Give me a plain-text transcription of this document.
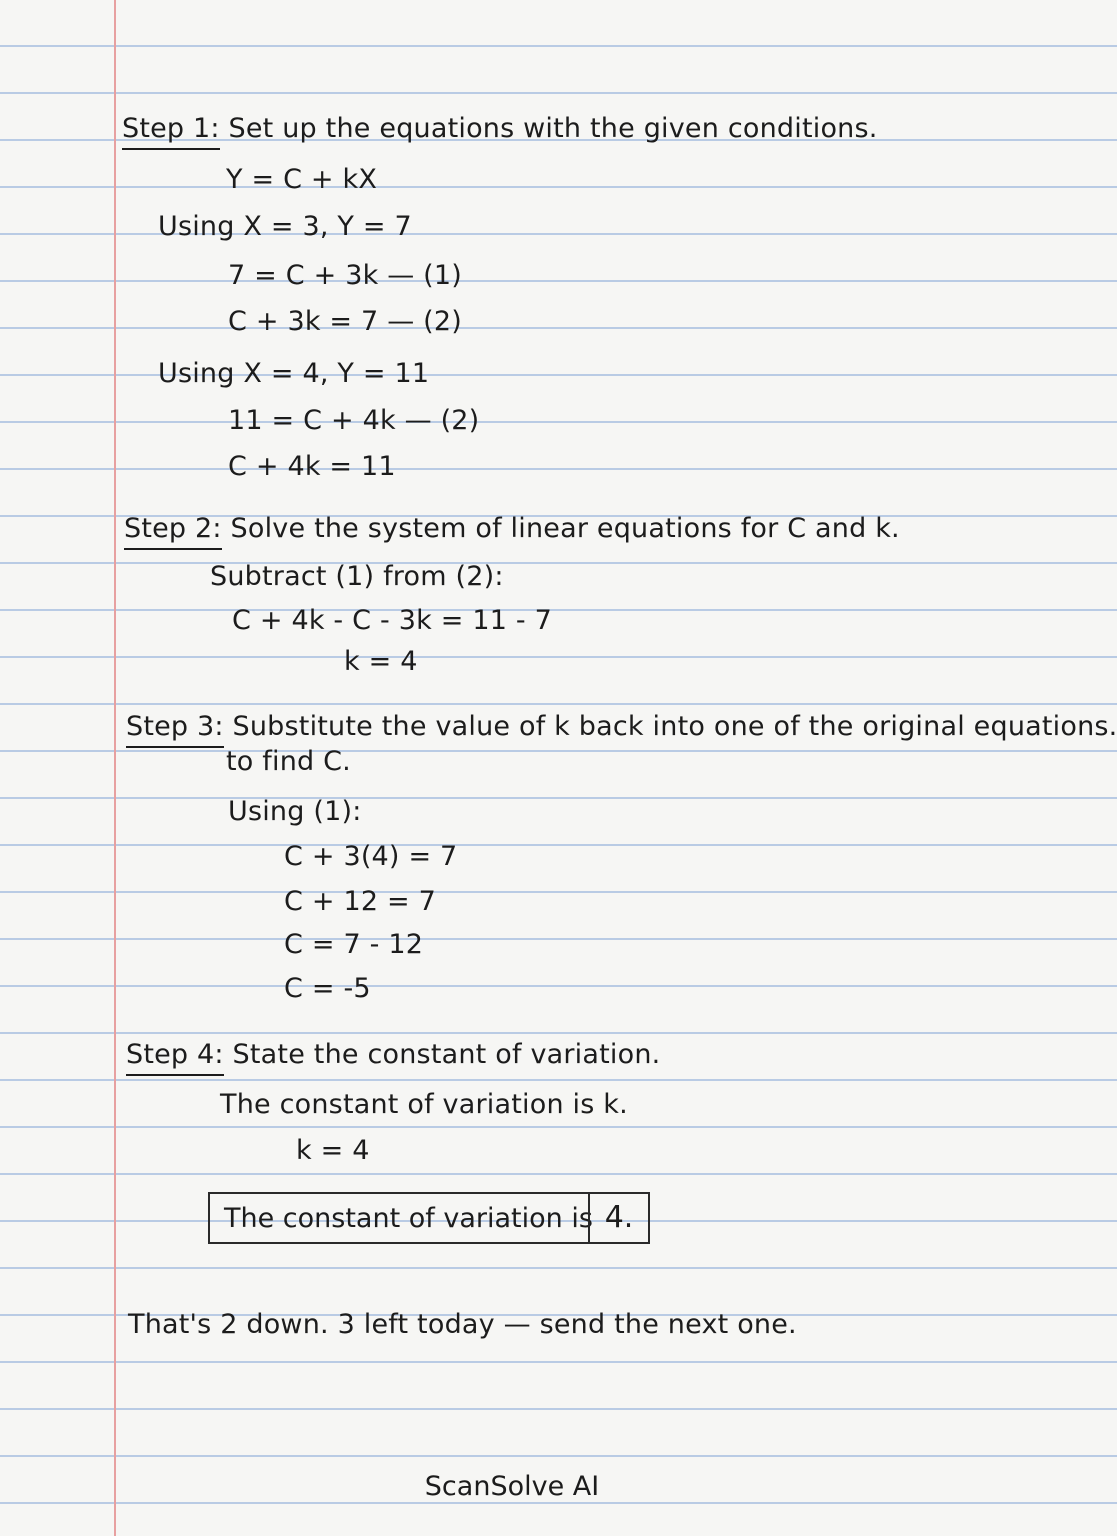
Step 1: Set up the equations with the given conditions.
Y = C + kX
Using X = 3, Y = 7
7 = C + 3k — (1)
C + 3k = 7 — (2)
Using X = 4, Y = 11
11 = C + 4k — (2)
C + 4k = 11
Step 2: Solve the system of linear equations for C and k.
Subtract (1) from (2):
C + 4k - C - 3k = 11 - 7
k = 4
Step 3: Substitute the value of k back into one of the original equations.
to find C.
Using (1):
C + 3(4) = 7
C + 12 = 7
C = 7 - 12
C = -5
Step 4: State the constant of variation.
The constant of variation is k.
k = 4
The constant of variation is 4.
That's 2 down. 3 left today — send the next one.
ScanSolve AI
